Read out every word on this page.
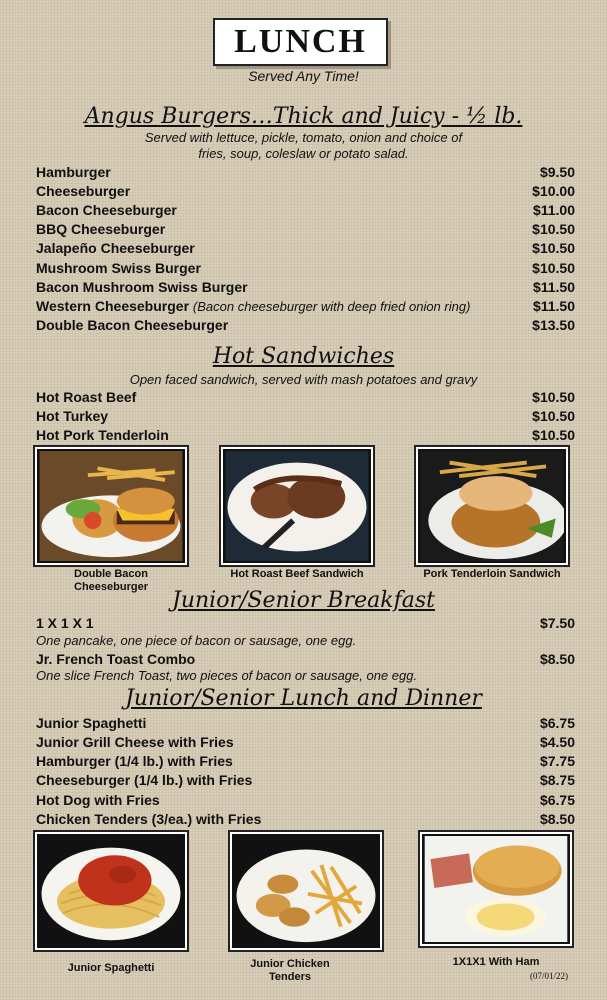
LUNCH
Served Any Time!
Angus Burgers…Thick and Juicy - ½ lb.
Served with lettuce, pickle, tomato, onion and choice of
fries, soup, coleslaw or potato salad.
Hamburger	$9.50
Cheeseburger	$10.00
Bacon Cheeseburger	$11.00
BBQ Cheeseburger	$10.50
Jalapeño Cheeseburger	$10.50
Mushroom Swiss Burger	$10.50
Bacon Mushroom Swiss Burger	$11.50
Western Cheeseburger (Bacon cheeseburger with deep fried onion ring)	$11.50
Double Bacon Cheeseburger	$13.50
Hot Sandwiches
Open faced sandwich, served with mash potatoes and gravy
Hot Roast Beef	$10.50
Hot Turkey	$10.50
Hot Pork Tenderloin	$10.50
Double Bacon Cheeseburger
Hot Roast Beef Sandwich	Pork Tenderloin Sandwich
Junior/Senior Breakfast
1 X 1 X 1	$7.50
One pancake, one piece of bacon or sausage, one egg.
Jr. French Toast Combo	$8.50
One slice French Toast, two pieces of bacon or sausage, one egg.
Junior/Senior Lunch and Dinner
Junior Spaghetti	$6.75
Junior Grill Cheese with Fries	$4.50
Hamburger (1/4 lb.) with Fries	$7.75
Cheeseburger (1/4 lb.) with Fries	$8.75
Hot Dog with Fries	$6.75
Chicken Tenders (3/ea.) with Fries	$8.50
Junior Spaghetti	Junior Chicken Tenders
1X1X1 With Ham
(07/01/22)
